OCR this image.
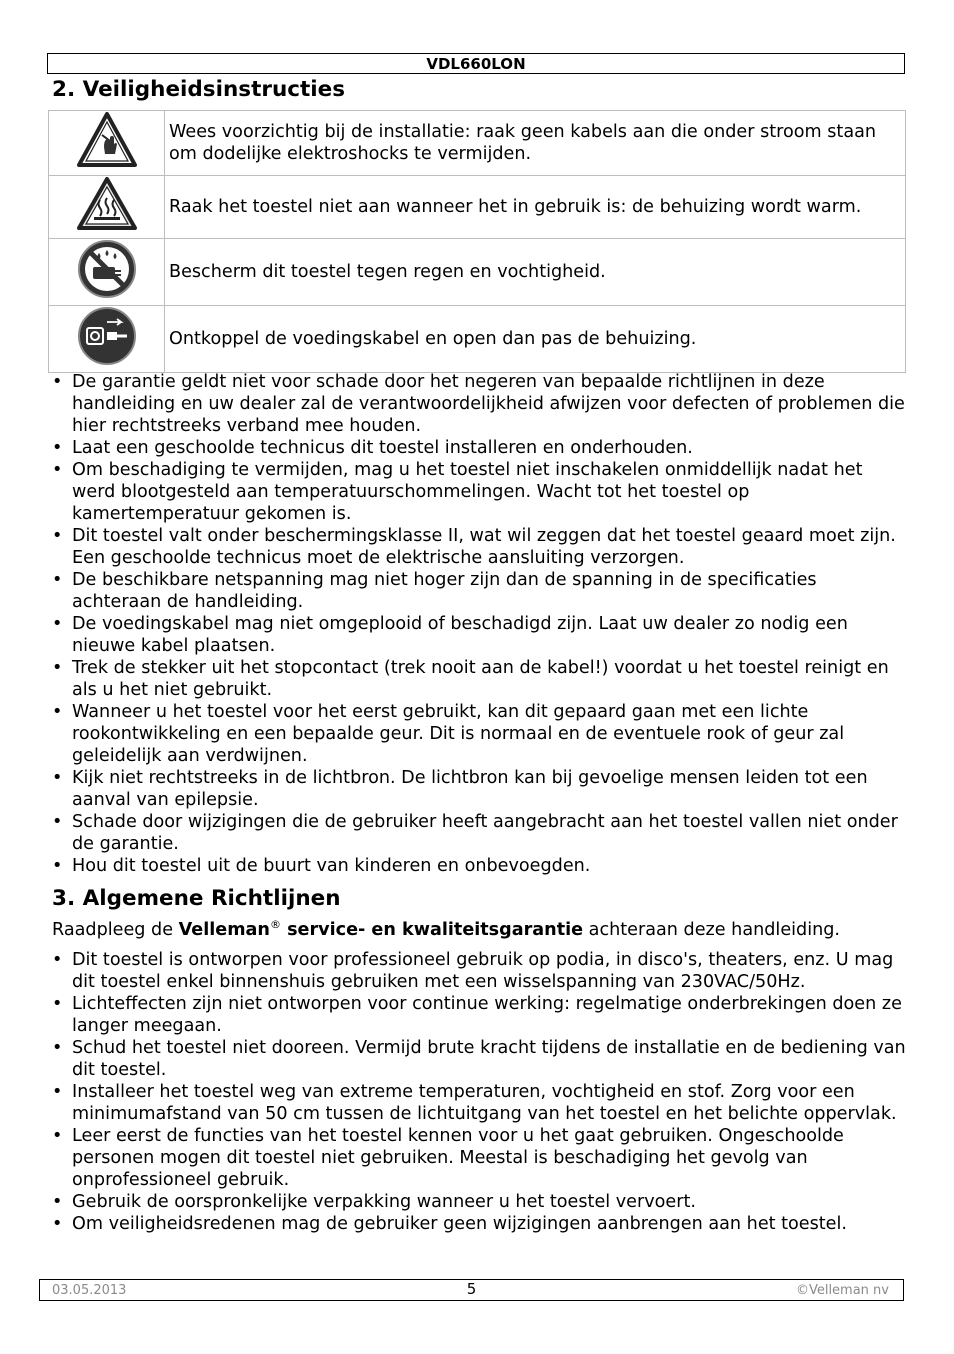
VDL660LON
2. Veiligheidsinstructies
	Wees voorzichtig bij de installatie: raak geen kabels aan die onder stroom staan om dodelijke elektroshocks te vermijden.
	Raak het toestel niet aan wanneer het in gebruik is: de behuizing wordt warm.
	Bescherm dit toestel tegen regen en vochtigheid.
	Ontkoppel de voedingskabel en open dan pas de behuizing.
• De garantie geldt niet voor schade door het negeren van bepaalde richtlijnen in deze handleiding en uw dealer zal de verantwoordelijkheid afwijzen voor defecten of problemen die hier rechtstreeks verband mee houden.
• Laat een geschoolde technicus dit toestel installeren en onderhouden.
• Om beschadiging te vermijden, mag u het toestel niet inschakelen onmiddellijk nadat het werd blootgesteld aan temperatuurschommelingen. Wacht tot het toestel op kamertemperatuur gekomen is.
• Dit toestel valt onder beschermingsklasse II, wat wil zeggen dat het toestel geaard moet zijn. Een geschoolde technicus moet de elektrische aansluiting verzorgen.
• De beschikbare netspanning mag niet hoger zijn dan de spanning in de specificaties achteraan de handleiding.
• De voedingskabel mag niet omgeplooid of beschadigd zijn. Laat uw dealer zo nodig een nieuwe kabel plaatsen.
• Trek de stekker uit het stopcontact (trek nooit aan de kabel!) voordat u het toestel reinigt en als u het niet gebruikt.
• Wanneer u het toestel voor het eerst gebruikt, kan dit gepaard gaan met een lichte rookontwikkeling en een bepaalde geur. Dit is normaal en de eventuele rook of geur zal geleidelijk aan verdwijnen.
• Kijk niet rechtstreeks in de lichtbron. De lichtbron kan bij gevoelige mensen leiden tot een aanval van epilepsie.
• Schade door wijzigingen die de gebruiker heeft aangebracht aan het toestel vallen niet onder de garantie.
• Hou dit toestel uit de buurt van kinderen en onbevoegden.
3. Algemene Richtlijnen
Raadpleeg de Velleman® service- en kwaliteitsgarantie achteraan deze handleiding.
• Dit toestel is ontworpen voor professioneel gebruik op podia, in disco's, theaters, enz. U mag dit toestel enkel binnenshuis gebruiken met een wisselspanning van 230VAC/50Hz.
• Lichteffecten zijn niet ontworpen voor continue werking: regelmatige onderbrekingen doen ze langer meegaan.
• Schud het toestel niet dooreen. Vermijd brute kracht tijdens de installatie en de bediening van dit toestel.
• Installeer het toestel weg van extreme temperaturen, vochtigheid en stof. Zorg voor een minimumafstand van 50 cm tussen de lichtuitgang van het toestel en het belichte oppervlak.
• Leer eerst de functies van het toestel kennen voor u het gaat gebruiken. Ongeschoolde personen mogen dit toestel niet gebruiken. Meestal is beschadiging het gevolg van onprofessioneel gebruik.
• Gebruik de oorspronkelijke verpakking wanneer u het toestel vervoert.
• Om veiligheidsredenen mag de gebruiker geen wijzigingen aanbrengen aan het toestel.
03.05.2013	5	©Velleman nv
